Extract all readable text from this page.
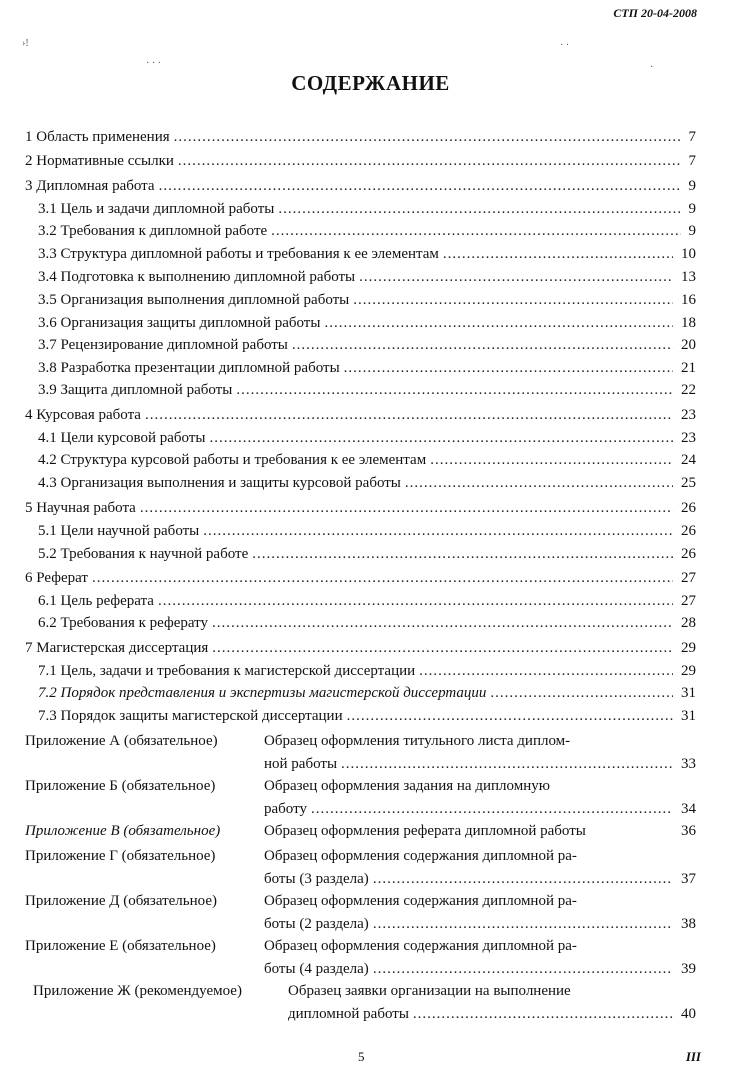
СТП 20-04-2008
СОДЕРЖАНИЕ
›!
· · ·
· ·
·
1 Область применения .....	7
2 Нормативные ссылки .....	7
3 Дипломная работа .....	9
3.1 Цель и задачи дипломной работы .....	9
3.2 Требования к дипломной работе .....	9
3.3 Структура дипломной работы и требования к ее элементам .....	10
3.4 Подготовка к выполнению дипломной работы .....	13
3.5 Организация выполнения дипломной работы .....	16
3.6 Организация защиты дипломной работы .....	18
3.7 Рецензирование дипломной работы .....	20
3.8 Разработка презентации дипломной работы .....	21
3.9 Защита дипломной работы .....	22
4 Курсовая работа .....	23
4.1 Цели курсовой работы .....	23
4.2 Структура курсовой работы и требования к ее элементам .....	24
4.3 Организация выполнения и защиты курсовой работы .....	25
5 Научная работа .....	26
5.1 Цели научной работы .....	26
5.2 Требования к научной работе .....	26
6 Реферат .....	27
6.1 Цель реферата .....	27
6.2 Требования к реферату .....	28
7 Магистерская диссертация .....	29
7.1 Цель, задачи и требования к магистерской диссертации .....	29
7.2 Порядок представления и экспертизы магистерской диссертации .....	31
7.3 Порядок защиты магистерской диссертации .....	31
Приложение А (обязательное)	Образец оформления титульного листа диплом-
ной работы .....	33
Приложение Б (обязательное)	Образец оформления задания на дипломную
работу .....	34
Приложение В (обязательное)	Образец оформления реферата дипломной работы	36
Приложение Г (обязательное)	Образец оформления содержания дипломной ра-
боты (3 раздела) .....	37
Приложение Д (обязательное)	Образец оформления содержания дипломной ра-
боты (2 раздела) .....	38
Приложение Е (обязательное)	Образец оформления содержания дипломной ра-
боты (4 раздела) .....	39
Приложение Ж (рекомендуемое)	Образец заявки организации на выполнение
дипломной работы .....	40
5	III
